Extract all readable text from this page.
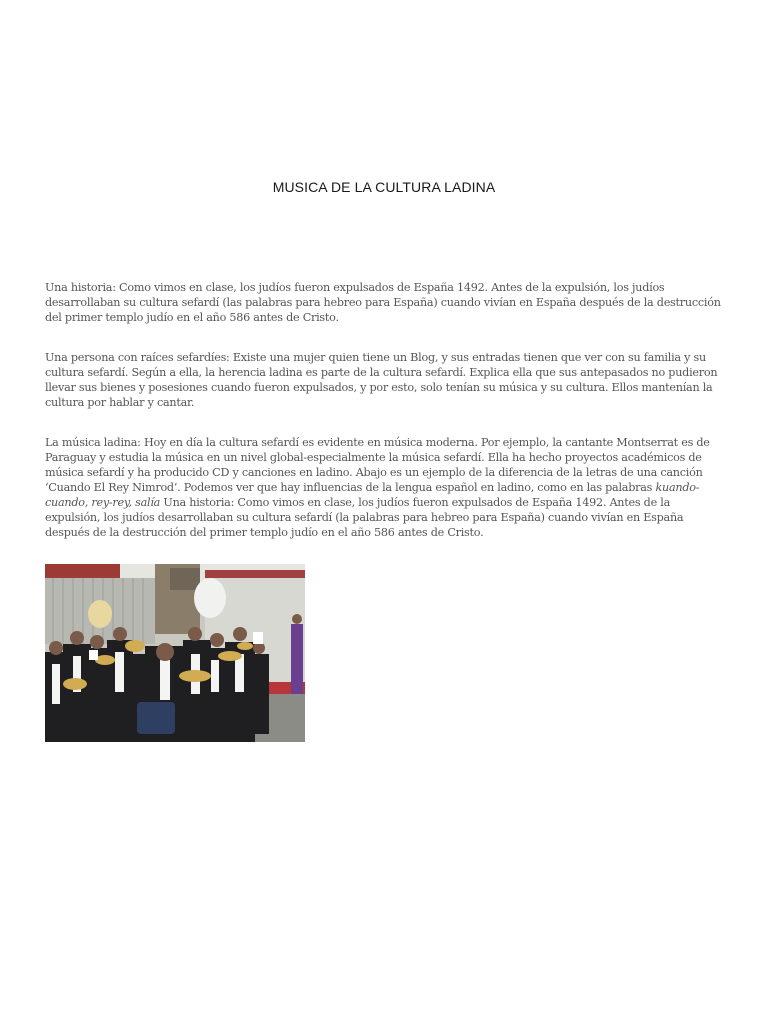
MUSICA DE LA CULTURA LADINA

Una historia: Como vimos en clase, los judíos fueron expulsados de España 1492. Antes de la expulsión, los judíos desarrollaban su cultura sefardí (las palabras para hebreo para España) cuando vivían en España después de la destrucción del primer templo judío en el año 586 antes de Cristo.

Una persona con raíces sefardíes: Existe una mujer quien tiene un Blog, y sus entradas tienen que ver con su familia y su cultura sefardí. Según a ella, la herencia ladina es parte de la cultura sefardí. Explica ella que sus antepasados no pudieron llevar sus bienes y posesiones cuando fueron expulsados, y por esto, solo tenían su música y su cultura. Ellos mantenían la cultura por hablar y cantar.

La música ladina: Hoy en día la cultura sefardí es evidente en música moderna. Por ejemplo, la cantante Montserrat es de Paraguay y estudia la música en un nivel global-especialmente la música sefardí. Ella ha hecho proyectos académicos de música sefardí y ha producido CD y canciones en ladino. Abajo es un ejemplo de la diferencia de la letras de una canción ‘Cuando El Rey Nimrod’. Podemos ver que hay influencias de la lengua español en ladino, como en las palabras kuando-cuando, rey-rey, salía Una historia: Como vimos en clase, los judíos fueron expulsados de España 1492. Antes de la expulsión, los judíos desarrollaban su cultura sefardí (la palabras para hebreo para España) cuando vivían en España después de la destrucción del primer templo judío en el año 586 antes de Cristo.
